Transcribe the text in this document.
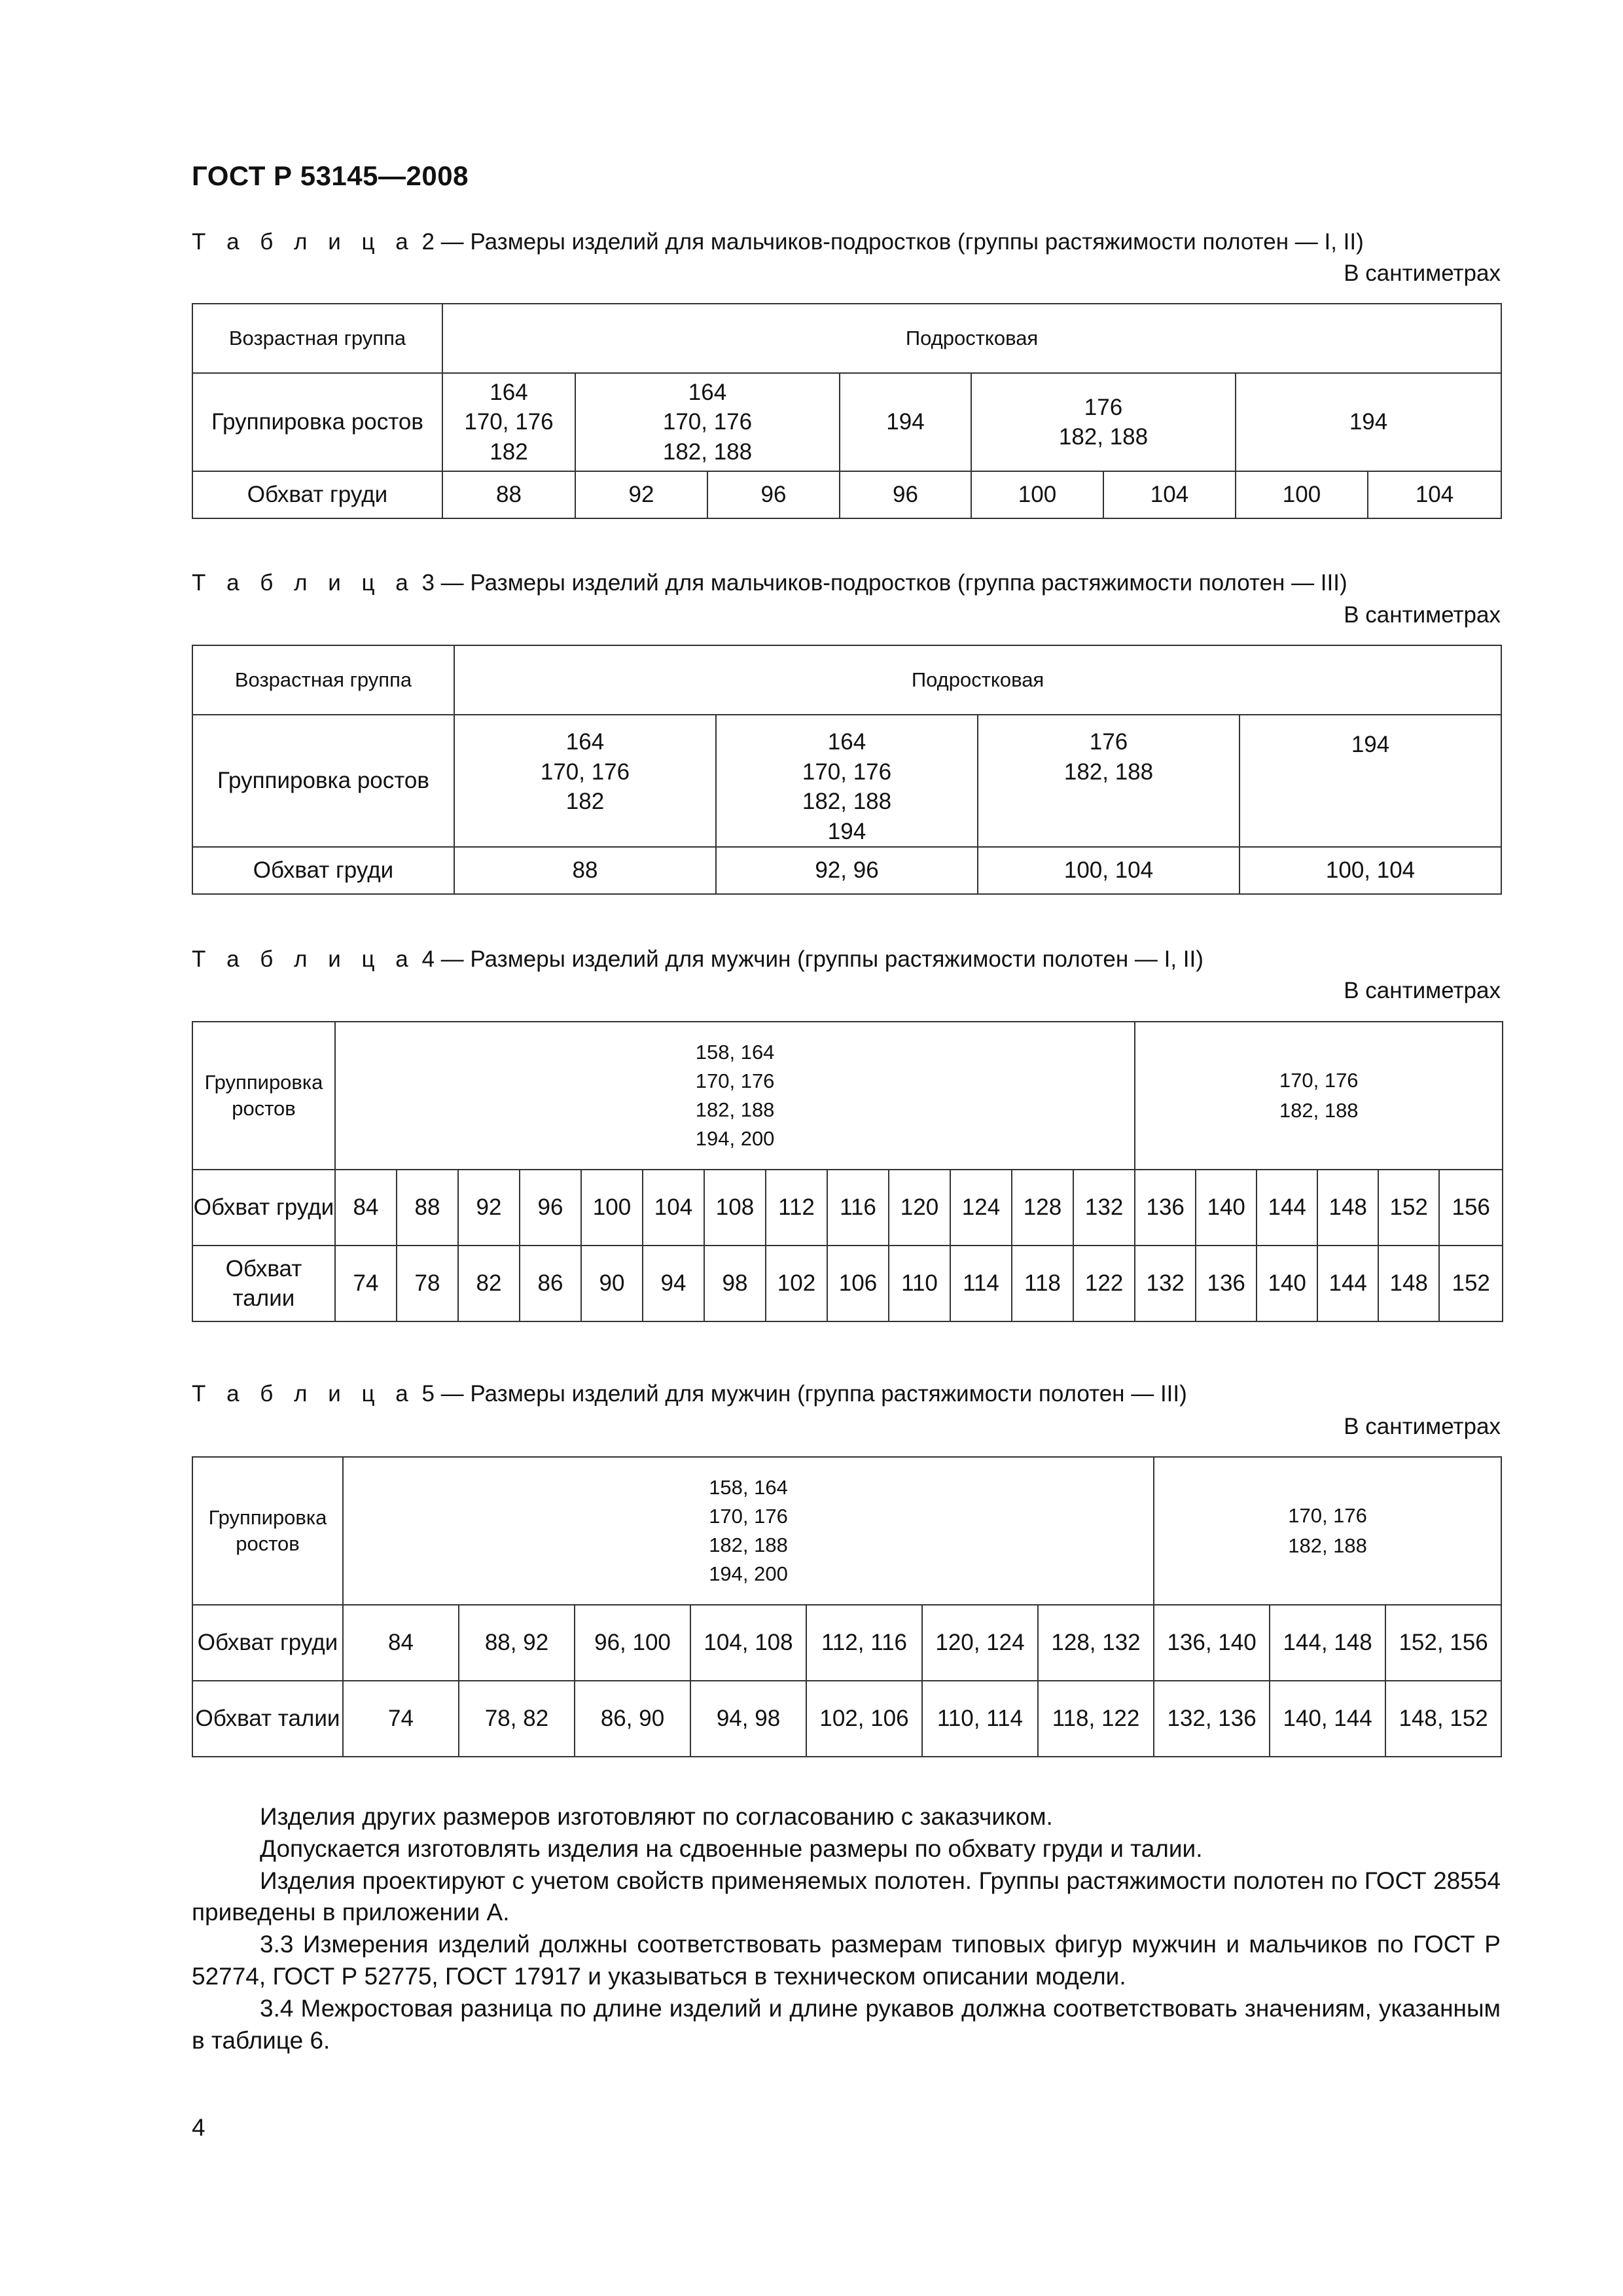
ГОСТ Р 53145—2008
Т а б л и ц а 2 — Размеры изделий для мальчиков-подростков (группы растяжимости полотен — I, II)
В сантиметрах
Возрастная группа	Подростковая							
Группировка ростов	164
170, 176
182	164
170, 176
182, 188		194	176
182, 188		194	
Обхват груди	88	92	96	96	100	104	100	104
Т а б л и ц а 3 — Размеры изделий для мальчиков-подростков (группа растяжимости полотен — III)
В сантиметрах
Возрастная группа	Подростковая			
Группировка ростов	164
170, 176
182	164
170, 176
182, 188
194	176
182, 188	194
Обхват груди	88	92, 96	100, 104	100, 104
Т а б л и ц а 4 — Размеры изделий для мужчин (группы растяжимости полотен — I, II)
В сантиметрах
Группировка ростов	158, 164
170, 176
182, 188
194, 200													170, 176
182, 188					
Обхват груди	84	88	92	96	100	104	108	112	116	120	124	128	132	136	140	144	148	152	156
Обхват талии	74	78	82	86	90	94	98	102	106	110	114	118	122	132	136	140	144	148	152
Т а б л и ц а 5 — Размеры изделий для мужчин (группа растяжимости полотен — III)
В сантиметрах
Группировка ростов	158, 164
170, 176
182, 188
194, 200							170, 176
182, 188		
Обхват груди	84	88, 92	96, 100	104, 108	112, 116	120, 124	128, 132	136, 140	144, 148	152, 156
Обхват талии	74	78, 82	86, 90	94, 98	102, 106	110, 114	118, 122	132, 136	140, 144	148, 152

Изделия других размеров изготовляют по согласованию с заказчиком.

Допускается изготовлять изделия на сдвоенные размеры по обхвату груди и талии.

Изделия проектируют с учетом свойств применяемых полотен. Группы растяжимости полотен по ГОСТ 28554 приведены в приложении А.

3.3 Измерения изделий должны соответствовать размерам типовых фигур мужчин и мальчиков по ГОСТ Р 52774, ГОСТ Р 52775, ГОСТ 17917 и указываться в техническом описании модели.

3.4 Межростовая разница по длине изделий и длине рукавов должна соответствовать значениям, указанным в таблице 6.

4
